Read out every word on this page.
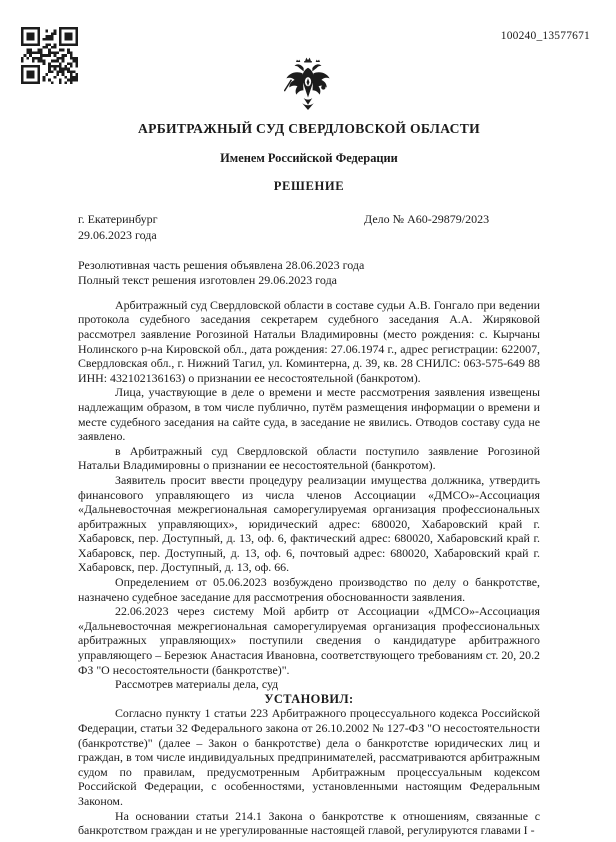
100240_13577671
АРБИТРАЖНЫЙ СУД СВЕРДЛОВСКОЙ ОБЛАСТИ
Именем Российской Федерации
РЕШЕНИЕ
г. Екатеринбург
29.06.2023 года
Дело № А60-29879/2023
Резолютивная часть решения объявлена 28.06.2023 года
Полный текст решения изготовлен 29.06.2023 года

Арбитражный суд Свердловской области в составе судьи А.В. Гонгало при ведении протокола судебного заседания секретарем судебного заседания А.А. Жиряковой рассмотрел заявление Рогозиной Натальи Владимировны (место рождения: с. Кырчаны Нолинского р-на Кировской обл., дата рождения: 27.06.1974 г., адрес регистрации: 622007, Свердловская обл., г. Нижний Тагил, ул. Коминтерна, д. 39, кв. 28 СНИЛС: 063-575-649 88 ИНН: 432102136163) о признании ее несостоятельной (банкротом).

Лица, участвующие в деле о времени и месте рассмотрения заявления извещены надлежащим образом, в том числе публично, путём размещения информации о времени и месте судебного заседания на сайте суда, в заседание не явились. Отводов составу суда не заявлено.

в Арбитражный суд Свердловской области поступило заявление Рогозиной Натальи Владимировны о признании ее несостоятельной (банкротом).

Заявитель просит ввести процедуру реализации имущества должника, утвердить финансового управляющего из числа членов Ассоциации «ДМСО»-Ассоциация «Дальневосточная межрегиональная саморегулируемая организация профессиональных арбитражных управляющих», юридический адрес: 680020, Хабаровский край г. Хабаровск, пер. Доступный, д. 13, оф. 6, фактический адрес: 680020, Хабаровский край г. Хабаровск, пер. Доступный, д. 13, оф. 6, почтовый адрес: 680020, Хабаровский край г. Хабаровск, пер. Доступный, д. 13, оф. 66.

Определением от 05.06.2023 возбуждено производство по делу о банкротстве, назначено судебное заседание для рассмотрения обоснованности заявления.

22.06.2023 через систему Мой арбитр от Ассоциации «ДМСО»-Ассоциация «Дальневосточная межрегиональная саморегулируемая организация профессиональных арбитражных управляющих» поступили сведения о кандидатуре арбитражного управляющего – Березюк Анастасия Ивановна, соответствующего требованиям ст. 20, 20.2 ФЗ "О несостоятельности (банкротстве)".

Рассмотрев материалы дела, суд

УСТАНОВИЛ:

Согласно пункту 1 статьи 223 Арбитражного процессуального кодекса Российской Федерации, статьи 32 Федерального закона от 26.10.2002 № 127-ФЗ "О несостоятельности (банкротстве)" (далее – Закон о банкротстве) дела о банкротстве юридических лиц и граждан, в том числе индивидуальных предпринимателей, рассматриваются арбитражным судом по правилам, предусмотренным Арбитражным процессуальным кодексом Российской Федерации, с особенностями, установленными настоящим Федеральным Законом.

На основании статьи 214.1 Закона о банкротстве к отношениям, связанные с банкротством граждан и не урегулированные настоящей главой, регулируются главами I -
